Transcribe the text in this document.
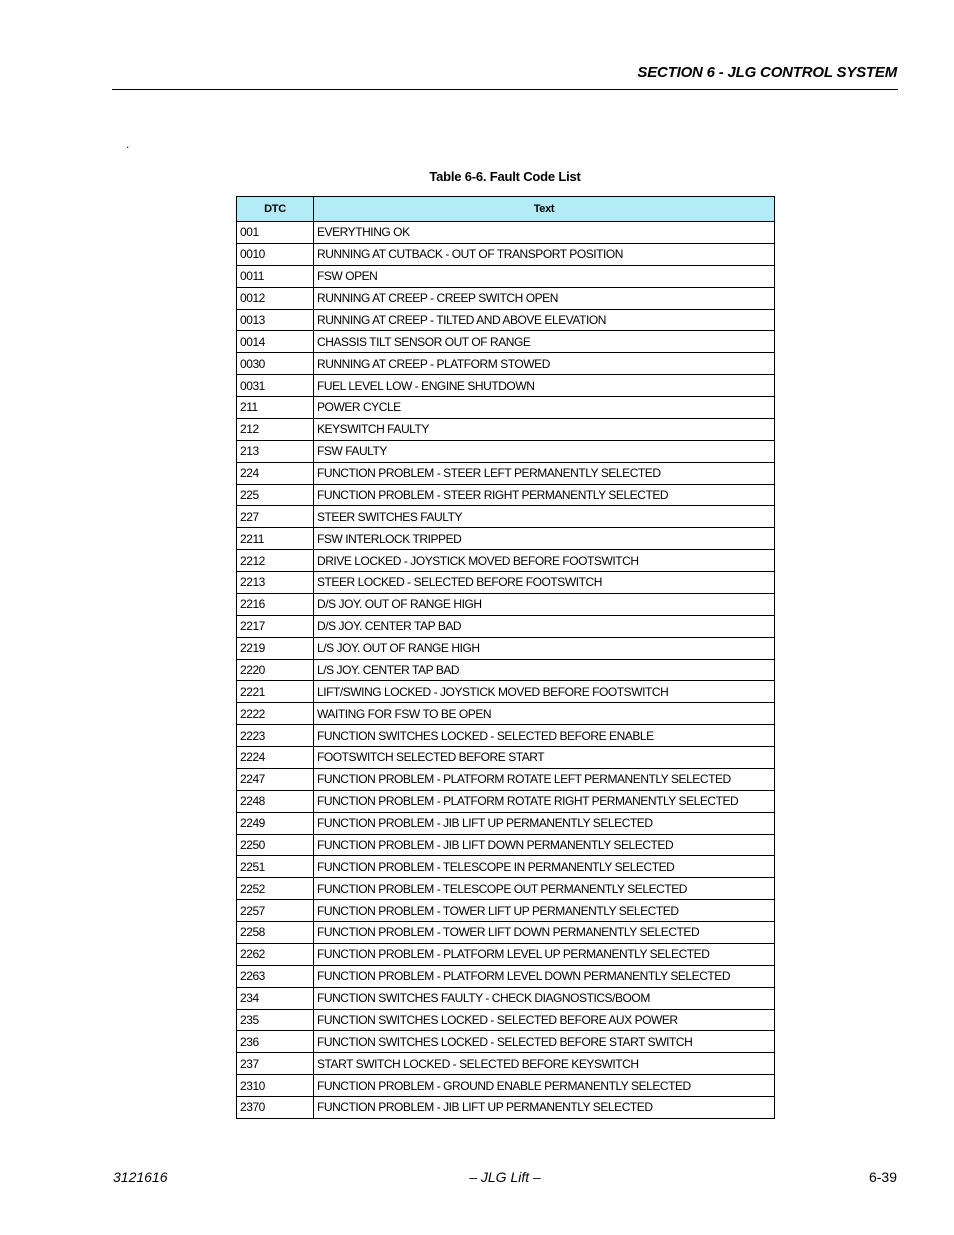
SECTION 6 - JLG CONTROL SYSTEM
.
Table 6-6. Fault Code List
DTC	Text
001	EVERYTHING OK
0010	RUNNING AT CUTBACK - OUT OF TRANSPORT POSITION
0011	FSW OPEN
0012	RUNNING AT CREEP - CREEP SWITCH OPEN
0013	RUNNING AT CREEP - TILTED AND ABOVE ELEVATION
0014	CHASSIS TILT SENSOR OUT OF RANGE
0030	RUNNING AT CREEP - PLATFORM STOWED
0031	FUEL LEVEL LOW - ENGINE SHUTDOWN
211	POWER CYCLE
212	KEYSWITCH FAULTY
213	FSW FAULTY
224	FUNCTION PROBLEM - STEER LEFT PERMANENTLY SELECTED
225	FUNCTION PROBLEM - STEER RIGHT PERMANENTLY SELECTED
227	STEER SWITCHES FAULTY
2211	FSW INTERLOCK TRIPPED
2212	DRIVE LOCKED - JOYSTICK MOVED BEFORE FOOTSWITCH
2213	STEER LOCKED - SELECTED BEFORE FOOTSWITCH
2216	D/S JOY. OUT OF RANGE HIGH
2217	D/S JOY. CENTER TAP BAD
2219	L/S JOY. OUT OF RANGE HIGH
2220	L/S JOY. CENTER TAP BAD
2221	LIFT/SWING LOCKED - JOYSTICK MOVED BEFORE FOOTSWITCH
2222	WAITING FOR FSW TO BE OPEN
2223	FUNCTION SWITCHES LOCKED - SELECTED BEFORE ENABLE
2224	FOOTSWITCH SELECTED BEFORE START
2247	FUNCTION PROBLEM - PLATFORM ROTATE LEFT PERMANENTLY SELECTED
2248	FUNCTION PROBLEM - PLATFORM ROTATE RIGHT PERMANENTLY SELECTED
2249	FUNCTION PROBLEM - JIB LIFT UP PERMANENTLY SELECTED
2250	FUNCTION PROBLEM - JIB LIFT DOWN PERMANENTLY SELECTED
2251	FUNCTION PROBLEM - TELESCOPE IN PERMANENTLY SELECTED
2252	FUNCTION PROBLEM - TELESCOPE OUT PERMANENTLY SELECTED
2257	FUNCTION PROBLEM - TOWER LIFT UP PERMANENTLY SELECTED
2258	FUNCTION PROBLEM - TOWER LIFT DOWN PERMANENTLY SELECTED
2262	FUNCTION PROBLEM - PLATFORM LEVEL UP PERMANENTLY SELECTED
2263	FUNCTION PROBLEM - PLATFORM LEVEL DOWN PERMANENTLY SELECTED
234	FUNCTION SWITCHES FAULTY - CHECK DIAGNOSTICS/BOOM
235	FUNCTION SWITCHES LOCKED - SELECTED BEFORE AUX POWER
236	FUNCTION SWITCHES LOCKED - SELECTED BEFORE START SWITCH
237	START SWITCH LOCKED - SELECTED BEFORE KEYSWITCH
2310	FUNCTION PROBLEM - GROUND ENABLE PERMANENTLY SELECTED
2370	FUNCTION PROBLEM - JIB LIFT UP PERMANENTLY SELECTED
3121616	– JLG Lift –	6-39
